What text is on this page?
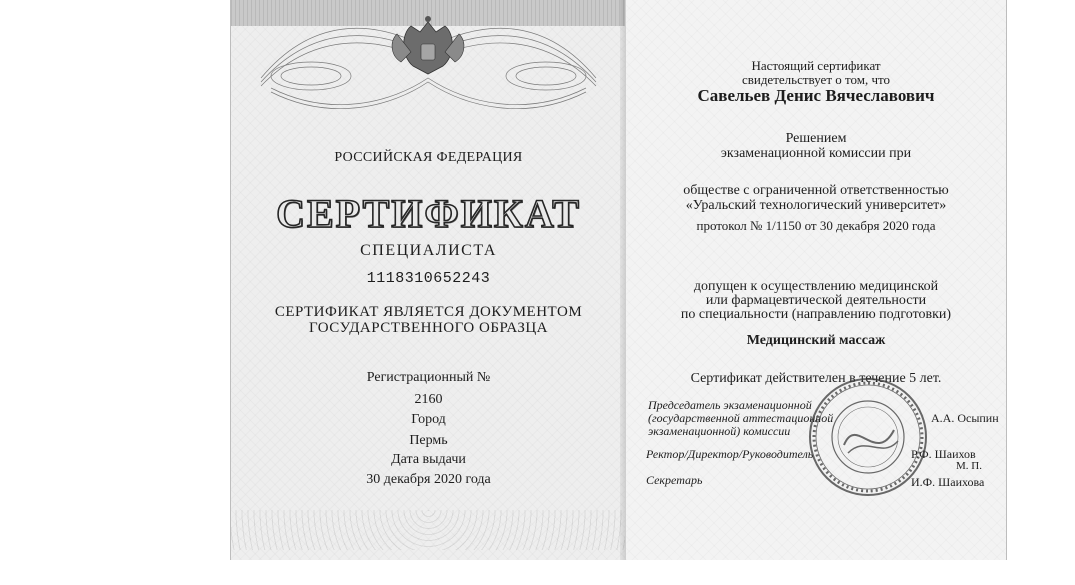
РОССИЙСКАЯ ФЕДЕРАЦИЯ
СЕРТИФИКАТ
СПЕЦИАЛИСТА
1118310652243
СЕРТИФИКАТ ЯВЛЯЕТСЯ ДОКУМЕНТОМ
ГОСУДАРСТВЕННОГО ОБРАЗЦА
Регистрационный №
2160
Город
Пермь
Дата выдачи
30 декабря 2020 года
Настоящий сертификат
свидетельствует о том, что
Савельев Денис Вячеславович
Решением
экзаменационной комиссии при
обществе с ограниченной ответственностью
«Уральский технологический университет»
протокол № 1/1150 от 30 декабря 2020 года
допущен к осуществлению медицинской
или фармацевтической деятельности
по специальности (направлению подготовки)
Медицинский массаж
Сертификат действителен в течение 5 лет.
Председатель экзаменационной
(государственной аттестационной
экзаменационной) комиссии
А.А. Осыпин
Ректор/Директор/Руководитель	Р.Ф. Шаихов
М. П.
Секретарь	И.Ф. Шаихова
